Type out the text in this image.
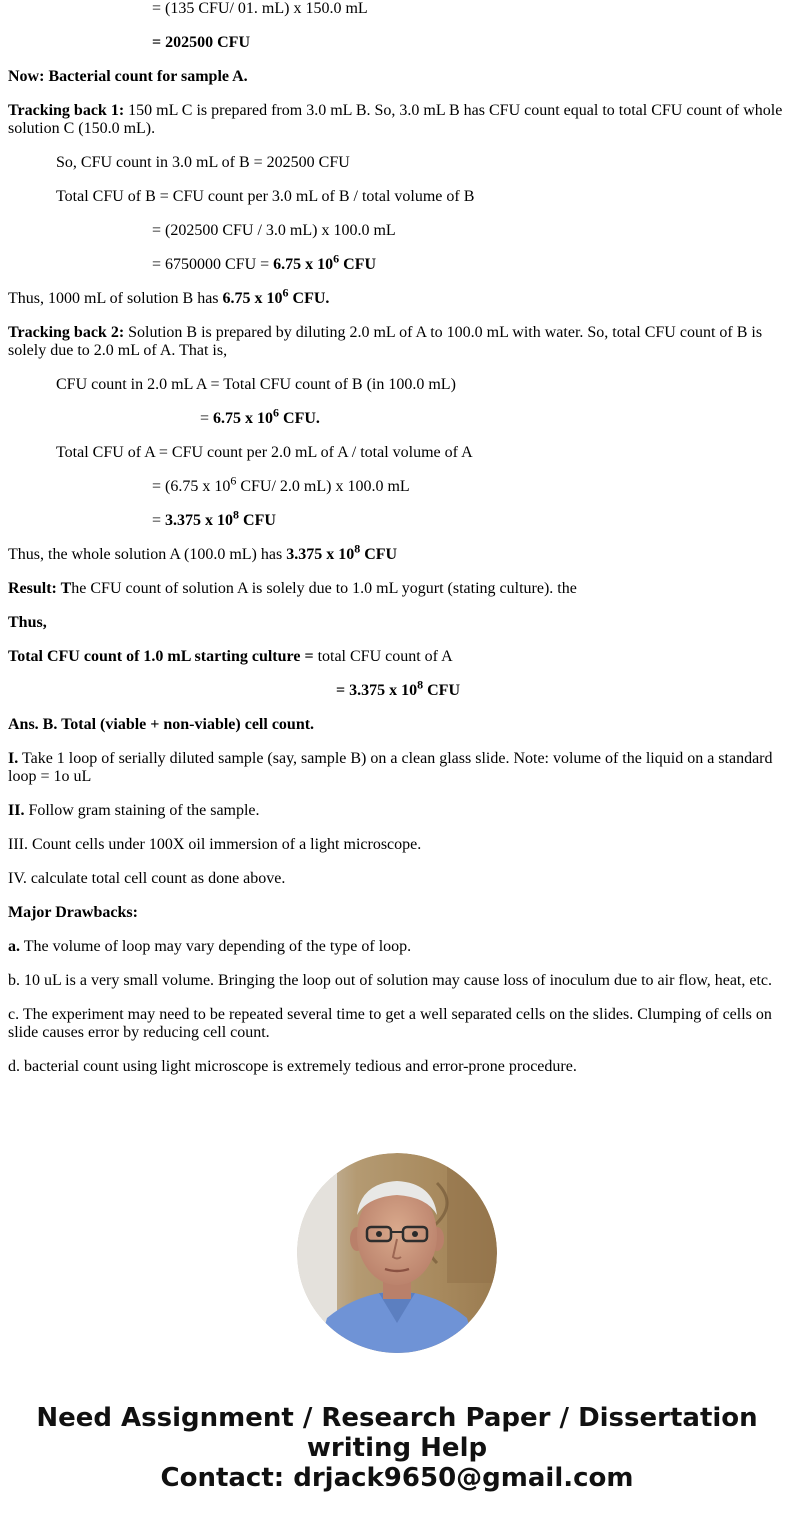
= (135 CFU/ 01. mL) x 150.0 mL

= 202500 CFU

Now: Bacterial count for sample A.

Tracking back 1: 150 mL C is prepared from 3.0 mL B. So, 3.0 mL B has CFU count equal to total CFU count of whole solution C (150.0 mL).

So, CFU count in 3.0 mL of B = 202500 CFU

Total CFU of B = CFU count per 3.0 mL of B / total volume of B

= (202500 CFU / 3.0 mL) x 100.0 mL

= 6750000 CFU = 6.75 x $10^6$ CFU

Thus, 1000 mL of solution B has 6.75 x $10^6$ CFU.

Tracking back 2: Solution B is prepared by diluting 2.0 mL of A to 100.0 mL with water. So, total CFU count of B is solely due to 2.0 mL of A. That is,

CFU count in 2.0 mL A = Total CFU count of B (in 100.0 mL)

= 6.75 x $10^6$ CFU.

Total CFU of A = CFU count per 2.0 mL of A / total volume of A

= (6.75 x $10^6$ CFU/ 2.0 mL) x 100.0 mL

= 3.375 x $10^8$ CFU

Thus, the whole solution A (100.0 mL) has 3.375 x $10^8$ CFU

Result: The CFU count of solution A is solely due to 1.0 mL yogurt (stating culture). the

Thus,

Total CFU count of 1.0 mL starting culture = total CFU count of A

= 3.375 x $10^8$ CFU

Ans. B. Total (viable + non-viable) cell count.

I. Take 1 loop of serially diluted sample (say, sample B) on a clean glass slide. Note: volume of the liquid on a standard loop = 1o uL

II. Follow gram staining of the sample.

III. Count cells under 100X oil immersion of a light microscope.

IV. calculate total cell count as done above.

Major Drawbacks:

a. The volume of loop may vary depending of the type of loop.

b. 10 uL is a very small volume. Bringing the loop out of solution may cause loss of inoculum due to air flow, heat, etc.

c. The experiment may need to be repeated several time to get a well separated cells on the slides. Clumping of cells on slide causes error by reducing cell count.

d. bacterial count using light microscope is extremely tedious and error-prone procedure.

Need Assignment / Research Paper / Dissertation
writing Help
Contact: drjack9650@gmail.com
